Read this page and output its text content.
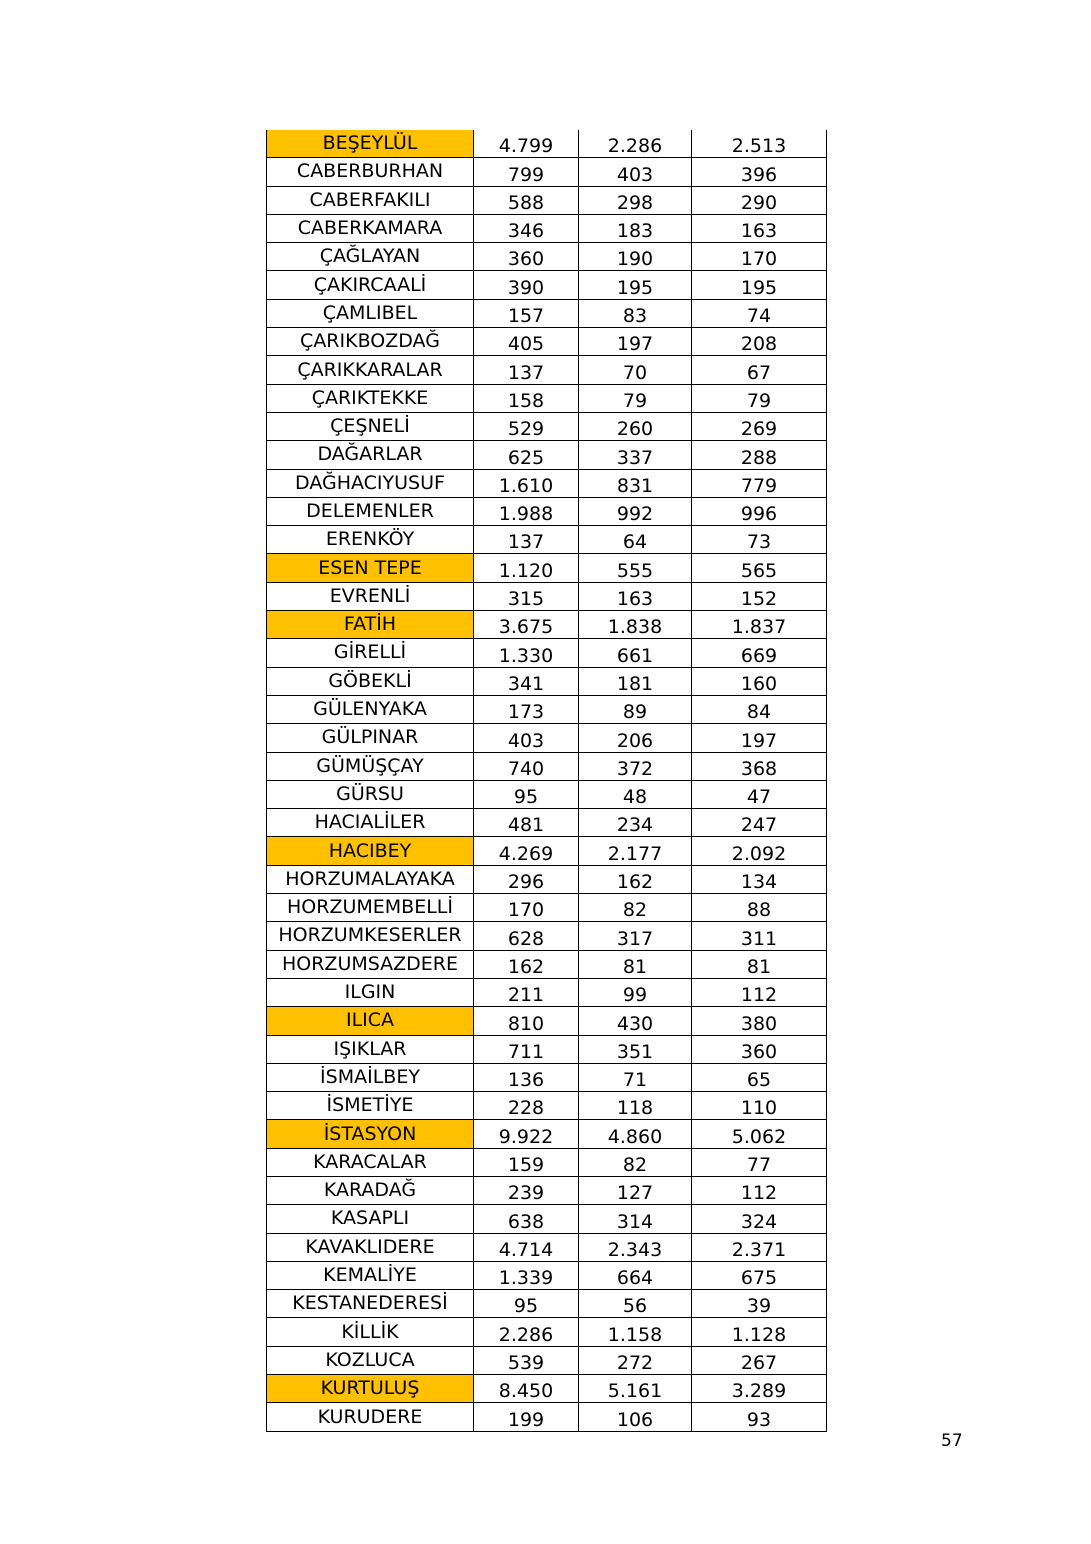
BEŞEYLÜL	4.799	2.286	2.513
CABERBURHAN	799	403	396
CABERFAKILI	588	298	290
CABERKAMARA	346	183	163
ÇAĞLAYAN	360	190	170
ÇAKIRCAALİ	390	195	195
ÇAMLIBEL	157	83	74
ÇARIKBOZDAĞ	405	197	208
ÇARIKKARALAR	137	70	67
ÇARIKTEKKE	158	79	79
ÇEŞNELİ	529	260	269
DAĞARLAR	625	337	288
DAĞHACIYUSUF	1.610	831	779
DELEMENLER	1.988	992	996
ERENKÖY	137	64	73
ESEN TEPE	1.120	555	565
EVRENLİ	315	163	152
FATİH	3.675	1.838	1.837
GİRELLİ	1.330	661	669
GÖBEKLİ	341	181	160
GÜLENYAKA	173	89	84
GÜLPINAR	403	206	197
GÜMÜŞÇAY	740	372	368
GÜRSU	95	48	47
HACIALİLER	481	234	247
HACIBEY	4.269	2.177	2.092
HORZUMALAYAKA	296	162	134
HORZUMEMBELLİ	170	82	88
HORZUMKESERLER	628	317	311
HORZUMSAZDERE	162	81	81
ILGIN	211	99	112
ILICA	810	430	380
IŞIKLAR	711	351	360
İSMAİLBEY	136	71	65
İSMETİYE	228	118	110
İSTASYON	9.922	4.860	5.062
KARACALAR	159	82	77
KARADAĞ	239	127	112
KASAPLI	638	314	324
KAVAKLIDERE	4.714	2.343	2.371
KEMALİYE	1.339	664	675
KESTANEDERESİ	95	56	39
KİLLİK	2.286	1.158	1.128
KOZLUCA	539	272	267
KURTULUŞ	8.450	5.161	3.289
KURUDERE	199	106	93
57
